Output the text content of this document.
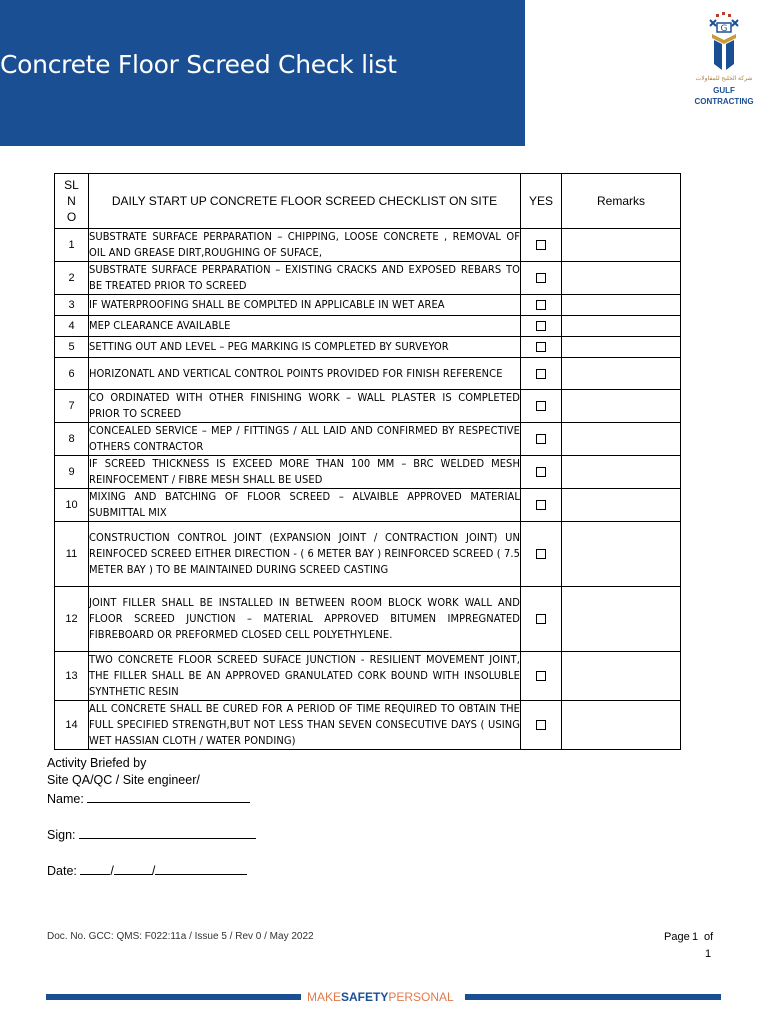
Concrete Floor Screed Check list
G
شركة الخليج للمقاولات
GULF
CONTRACTING
SL
N
O	DAILY START UP CONCRETE FLOOR SCREED CHECKLIST ON SITE	YES	Remarks
1	SUBSTRATE SURFACE PERPARATION – CHIPPING, LOOSE CONCRETE , REMOVAL OF OIL AND GREASE DIRT,ROUGHING OF SUFACE,		
2	SUBSTRATE SURFACE PERPARATION – EXISTING CRACKS AND EXPOSED REBARS TO BE TREATED PRIOR TO SCREED		
3	IF WATERPROOFING SHALL BE COMPLTED IN APPLICABLE IN WET AREA		
4	MEP CLEARANCE AVAILABLE		
5	SETTING OUT AND LEVEL – PEG MARKING IS COMPLETED BY SURVEYOR		
6	HORIZONATL AND VERTICAL CONTROL POINTS PROVIDED FOR FINISH REFERENCE		
7	CO ORDINATED WITH OTHER FINISHING WORK – WALL PLASTER IS COMPLETED PRIOR TO SCREED		
8	CONCEALED SERVICE – MEP / FITTINGS / ALL LAID AND CONFIRMED BY RESPECTIVE OTHERS CONTRACTOR		
9	IF SCREED THICKNESS IS EXCEED MORE THAN 100 MM – BRC WELDED MESH REINFOCEMENT / FIBRE MESH SHALL BE USED		
10	MIXING AND BATCHING OF FLOOR SCREED – ALVAIBLE APPROVED MATERIAL SUBMITTAL MIX		
11	CONSTRUCTION CONTROL JOINT (EXPANSION JOINT / CONTRACTION JOINT) UN REINFOCED SCREED EITHER DIRECTION - ( 6 METER BAY ) REINFORCED SCREED ( 7.5 METER BAY ) TO BE MAINTAINED DURING SCREED CASTING		
12	JOINT FILLER SHALL BE INSTALLED IN BETWEEN ROOM BLOCK WORK WALL AND FLOOR SCREED JUNCTION – MATERIAL APPROVED BITUMEN IMPREGNATED FIBREBOARD OR PREFORMED CLOSED CELL POLYETHYLENE.		
13	TWO CONCRETE FLOOR SCREED SUFACE JUNCTION - RESILIENT MOVEMENT JOINT, THE FILLER SHALL BE AN APPROVED GRANULATED CORK BOUND WITH INSOLUBLE SYNTHETIC RESIN		
14	ALL CONCRETE SHALL BE CURED FOR A PERIOD OF TIME REQUIRED TO OBTAIN THE FULL SPECIFIED STRENGTH,BUT NOT LESS THAN SEVEN CONSECUTIVE DAYS ( USING WET HASSIAN CLOTH / WATER PONDING)		
Activity Briefed by
Site QA/QC / Site engineer/
Name:
Sign:
Date:	/	/
Doc. No. GCC: QMS: F022:11a / Issue 5 / Rev 0 / May 2022	Page 1 of
1
MAKESAFETYPERSONAL
